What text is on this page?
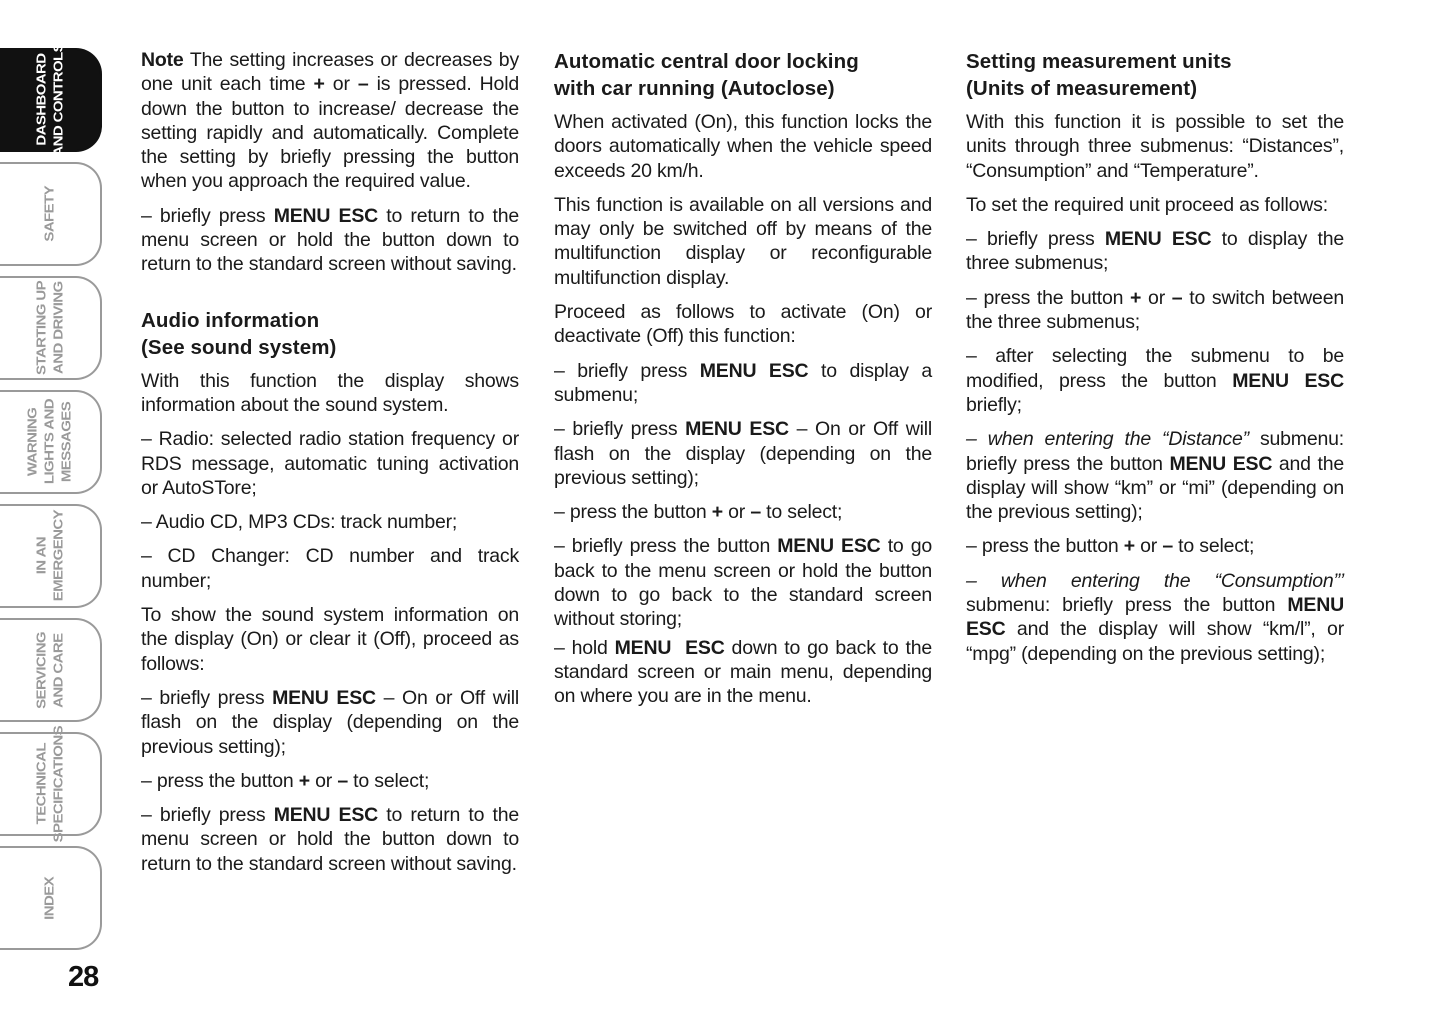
DASHBOARD AND CONTROLS
SAFETY
STARTING UP AND DRIVING
WARNING LIGHTS AND MESSAGES
IN AN EMERGENCY
SERVICING AND CARE
TECHNICAL SPECIFICATIONS
INDEX
28

Note The setting increases or decreases by one unit each time + or – is pressed. Hold down the button to increase/ decrease the setting rapidly and automatically. Complete the setting by briefly pressing the button when you approach the required value.

– briefly press MENU ESC to return to the menu screen or hold the button down to return to the standard screen without saving.

Audio information
(See sound system)

With this function the display shows information about the sound system.

– Radio: selected radio station frequency or RDS message, automatic tuning activation or AutoSTore;

– Audio CD, MP3 CDs: track number;

– CD Changer: CD number and track number;

To show the sound system information on the display (On) or clear it (Off), proceed as follows:

– briefly press MENU ESC – On or Off will flash on the display (depending on the previous setting);

– press the button + or – to select;

– briefly press MENU ESC to return to the menu screen or hold the button down to return to the standard screen without saving.

Automatic central door locking
with car running (Autoclose)

When activated (On), this function locks the doors automatically when the vehicle speed exceeds 20 km/h.

This function is available on all versions and may only be switched off by means of the multifunction display or reconfigurable multifunction display.

Proceed as follows to activate (On) or deactivate (Off) this function:

– briefly press MENU ESC to display a submenu;

– briefly press MENU ESC – On or Off will flash on the display (depending on the previous setting);

– press the button + or – to select;

– briefly press the button MENU ESC to go back to the menu screen or hold the button down to go back to the standard screen without storing;

– hold MENU  ESC down to go back to the standard screen or main menu, depending on where you are in the menu.

Setting measurement units
(Units of measurement)

With this function it is possible to set the units through three submenus: “Distances”, “Consumption” and “Temperature”.

To set the required unit proceed as follows:

– briefly press MENU ESC to display the three submenus;

– press the button + or – to switch between the three submenus;

– after selecting the submenu to be modified, press the button MENU ESC briefly;

– when entering the “Distance” submenu: briefly press the button MENU ESC and the display will show “km” or “mi” (depending on the previous setting);

– press the button + or – to select;

– when entering the “Consumption”’ submenu: briefly press the button MENU ESC and the display will show “km/l”, or “mpg” (depending on the previous setting);
